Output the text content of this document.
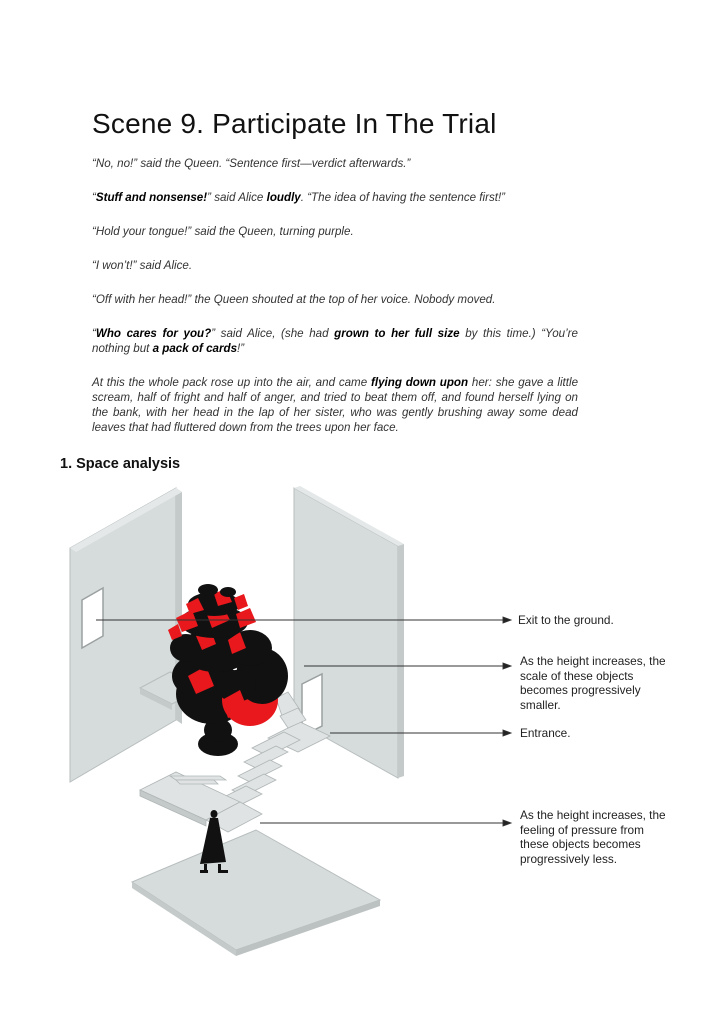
Scene 9. Participate In The Trial

“No, no!” said the Queen. “Sentence first—verdict afterwards.”

“Stuff and nonsense!” said Alice loudly. “The idea of having the sentence first!”

“Hold your tongue!” said the Queen, turning purple.

“I won’t!” said Alice.

“Off with her head!” the Queen shouted at the top of her voice. Nobody moved.

“Who cares for you?” said Alice, (she had grown to her full size by this time.) “You’re nothing but a pack of cards!”

At this the whole pack rose up into the air, and came flying down upon her: she gave a little scream, half of fright and half of anger, and tried to beat them off, and found herself lying on the bank, with her head in the lap of her sister, who was gently brushing away some dead leaves that had fluttered down from the trees upon her face.

1. Space analysis
Exit to the ground.
As the height increases, the scale of these objects becomes progressively smaller.
Entrance.
As the height increases, the feeling of pressure from these objects becomes progressively less.
